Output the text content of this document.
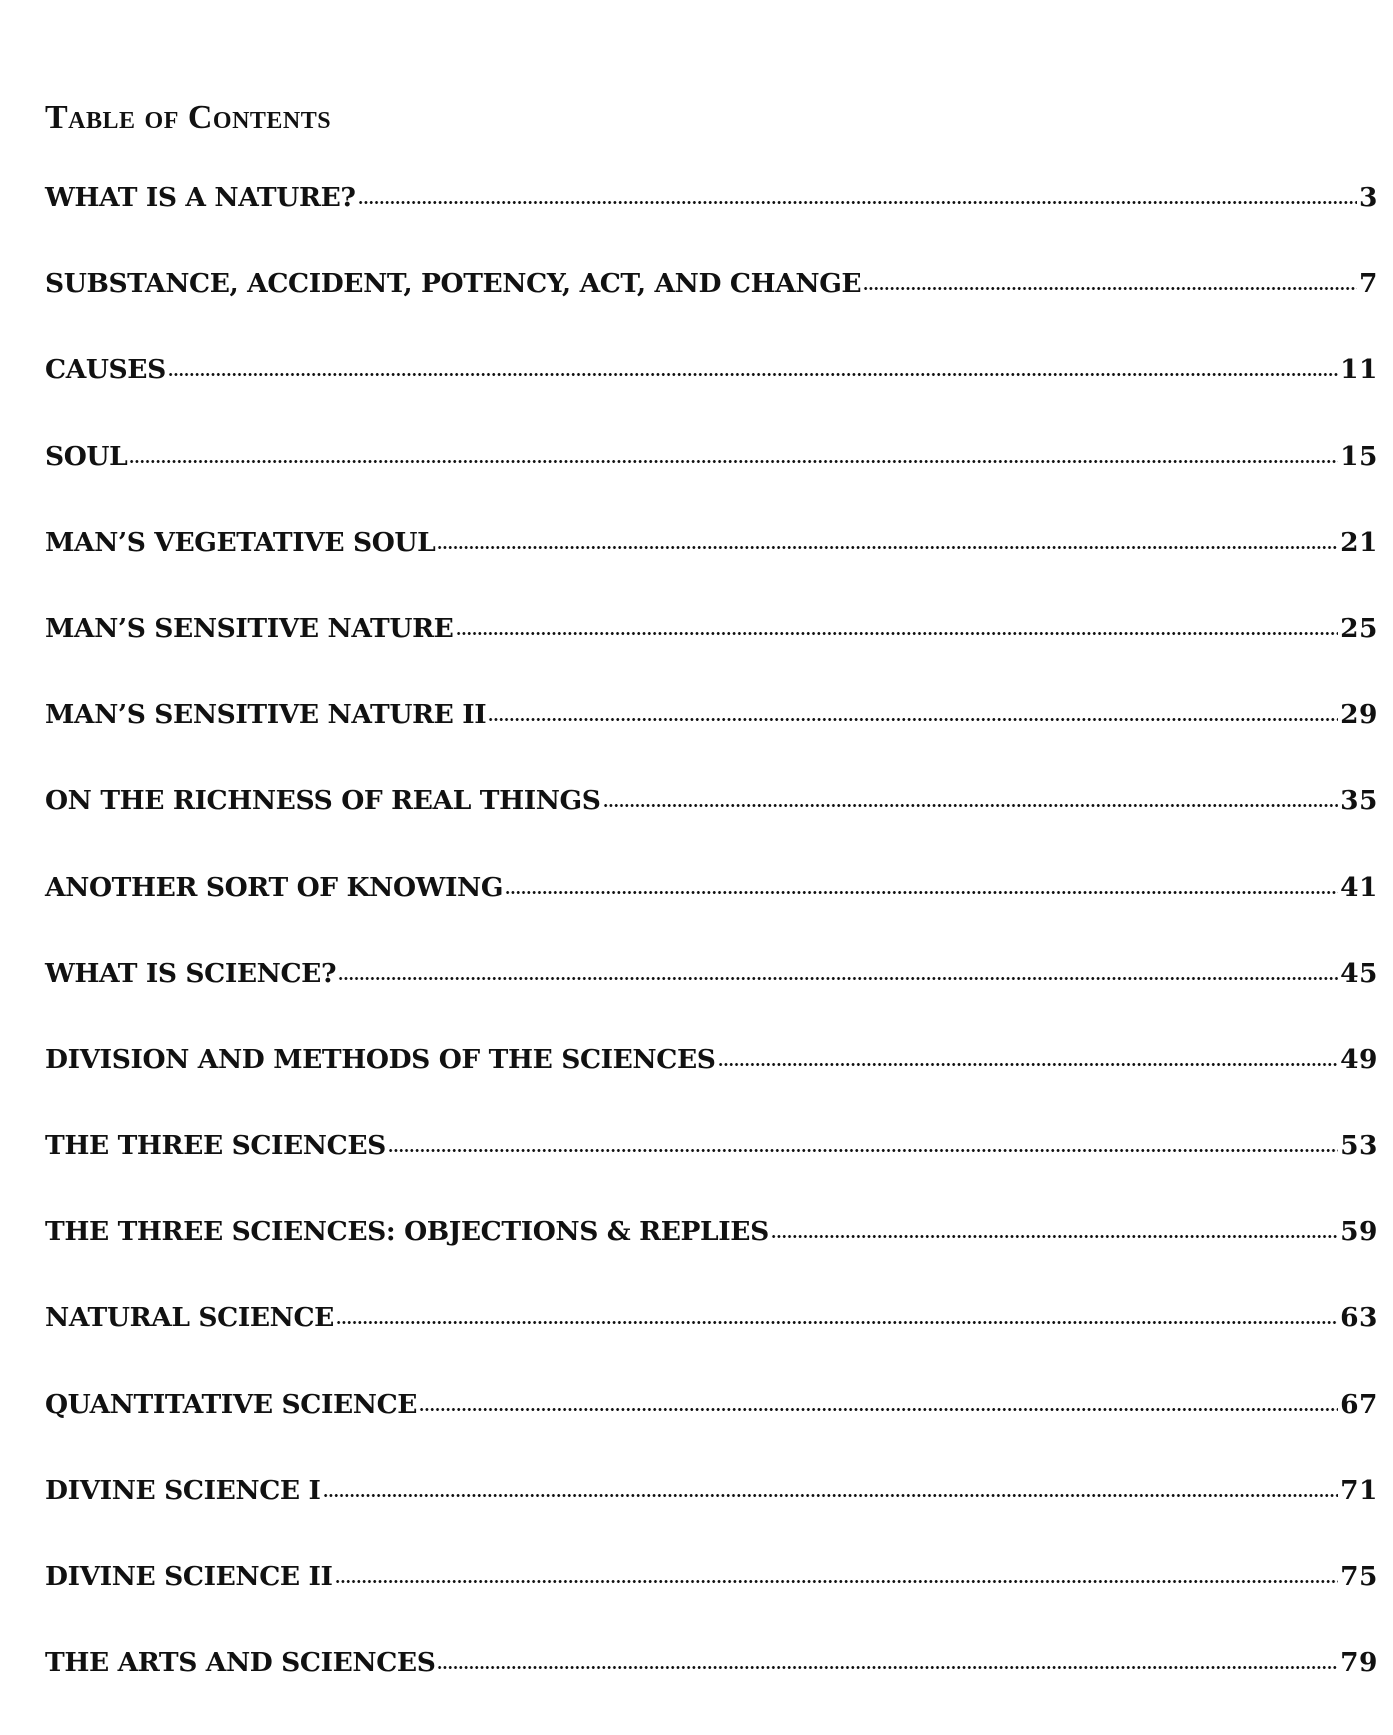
Table of Contents
WHAT IS A NATURE?	3
SUBSTANCE, ACCIDENT, POTENCY, ACT, AND CHANGE	7
CAUSES	11
SOUL	15
MAN’S VEGETATIVE SOUL	21
MAN’S SENSITIVE NATURE	25
MAN’S SENSITIVE NATURE II	29
ON THE RICHNESS OF REAL THINGS	35
ANOTHER SORT OF KNOWING	41
WHAT IS SCIENCE?	45
DIVISION AND METHODS OF THE SCIENCES	49
THE THREE SCIENCES	53
THE THREE SCIENCES: OBJECTIONS & REPLIES	59
NATURAL SCIENCE	63
QUANTITATIVE SCIENCE	67
DIVINE SCIENCE I	71
DIVINE SCIENCE II	75
THE ARTS AND SCIENCES	79
